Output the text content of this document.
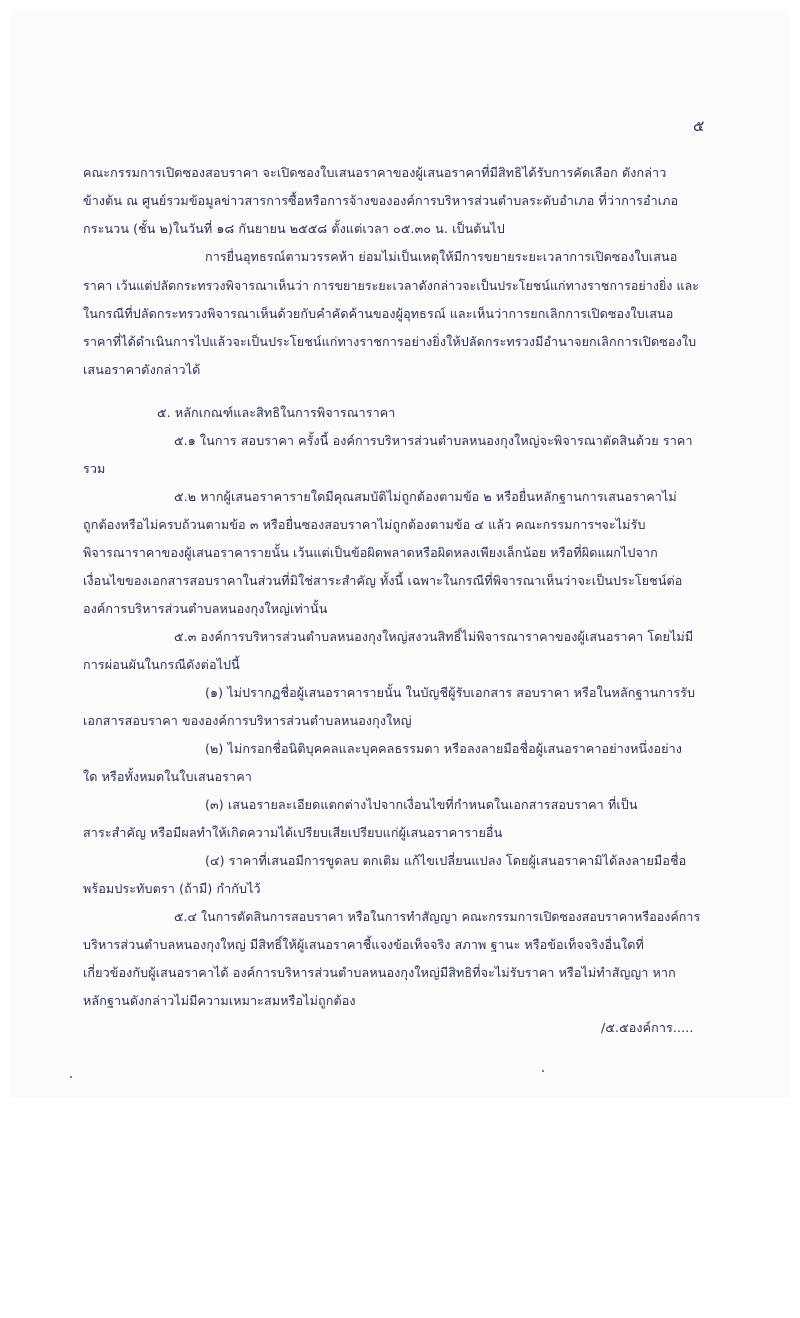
๕
คณะกรรมการเปิดซองสอบราคา จะเปิดซองใบเสนอราคาของผู้เสนอราคาที่มีสิทธิได้รับการคัดเลือก ดังกล่าว
ข้างต้น ณ ศูนย์รวมข้อมูลข่าวสารการซื้อหรือการจ้างขององค์การบริหารส่วนตำบลระดับอำเภอ ที่ว่าการอำเภอ
กระนวน (ชั้น ๒)ในวันที่ ๑๘ กันยายน ๒๕๕๘ ตั้งแต่เวลา ๐๕.๓๐ น. เป็นต้นไป
การยื่นอุทธรณ์ตามวรรคห้า ย่อมไม่เป็นเหตุให้มีการขยายระยะเวลาการเปิดซองใบเสนอ
ราคา เว้นแต่ปลัดกระทรวงพิจารณาเห็นว่า การขยายระยะเวลาดังกล่าวจะเป็นประโยชน์แก่ทางราชการอย่างยิ่ง และ
ในกรณีที่ปลัดกระทรวงพิจารณาเห็นด้วยกับคำคัดค้านของผู้อุทธรณ์ และเห็นว่าการยกเลิกการเปิดซองใบเสนอ
ราคาที่ได้ดำเนินการไปแล้วจะเป็นประโยชน์แก่ทางราชการอย่างยิ่งให้ปลัดกระทรวงมีอำนาจยกเลิกการเปิดซองใบ
เสนอราคาดังกล่าวได้
๕. หลักเกณฑ์และสิทธิในการพิจารณาราคา
๕.๑ ในการ สอบราคา ครั้งนี้ องค์การบริหารส่วนตำบลหนองกุงใหญ่จะพิจารณาตัดสินด้วย ราคา
รวม
๕.๒ หากผู้เสนอราคารายใดมีคุณสมบัติไม่ถูกต้องตามข้อ ๒ หรือยื่นหลักฐานการเสนอราคาไม่
ถูกต้องหรือไม่ครบถ้วนตามข้อ ๓ หรือยื่นซองสอบราคาไม่ถูกต้องตามข้อ ๔ แล้ว คณะกรรมการฯจะไม่รับ
พิจารณาราคาของผู้เสนอราคารายนั้น เว้นแต่เป็นข้อผิดพลาดหรือผิดหลงเพียงเล็กน้อย หรือที่ผิดแผกไปจาก
เงื่อนไขของเอกสารสอบราคาในส่วนที่มิใช่สาระสำคัญ ทั้งนี้ เฉพาะในกรณีที่พิจารณาเห็นว่าจะเป็นประโยชน์ต่อ
องค์การบริหารส่วนตำบลหนองกุงใหญ่เท่านั้น
๕.๓ องค์การบริหารส่วนตำบลหนองกุงใหญ่สงวนสิทธิ์ไม่พิจารณาราคาของผู้เสนอราคา โดยไม่มี
การผ่อนผันในกรณีดังต่อไปนี้
(๑) ไม่ปรากฏชื่อผู้เสนอราคารายนั้น ในบัญชีผู้รับเอกสาร สอบราคา หรือในหลักฐานการรับ
เอกสารสอบราคา ขององค์การบริหารส่วนตำบลหนองกุงใหญ่
(๒) ไม่กรอกชื่อนิติบุคคลและบุคคลธรรมดา หรือลงลายมือชื่อผู้เสนอราคาอย่างหนึ่งอย่าง
ใด หรือทั้งหมดในใบเสนอราคา
(๓) เสนอรายละเอียดแตกต่างไปจากเงื่อนไขที่กำหนดในเอกสารสอบราคา ที่เป็น
สาระสำคัญ หรือมีผลทำให้เกิดความได้เปรียบเสียเปรียบแก่ผู้เสนอราคารายอื่น
(๔) ราคาที่เสนอมีการขูดลบ ตกเติม แก้ไขเปลี่ยนแปลง โดยผู้เสนอราคามิได้ลงลายมือชื่อ
พร้อมประทับตรา (ถ้ามี) กำกับไว้
๕.๔ ในการตัดสินการสอบราคา หรือในการทำสัญญา คณะกรรมการเปิดซองสอบราคาหรือองค์การ
บริหารส่วนตำบลหนองกุงใหญ่ มีสิทธิ์ให้ผู้เสนอราคาชี้แจงข้อเท็จจริง สภาพ ฐานะ หรือข้อเท็จจริงอื่นใดที่
เกี่ยวข้องกับผู้เสนอราคาได้ องค์การบริหารส่วนตำบลหนองกุงใหญ่มีสิทธิที่จะไม่รับราคา หรือไม่ทำสัญญา หาก
หลักฐานดังกล่าวไม่มีความเหมาะสมหรือไม่ถูกต้อง
/๕.๕องค์การ.....
